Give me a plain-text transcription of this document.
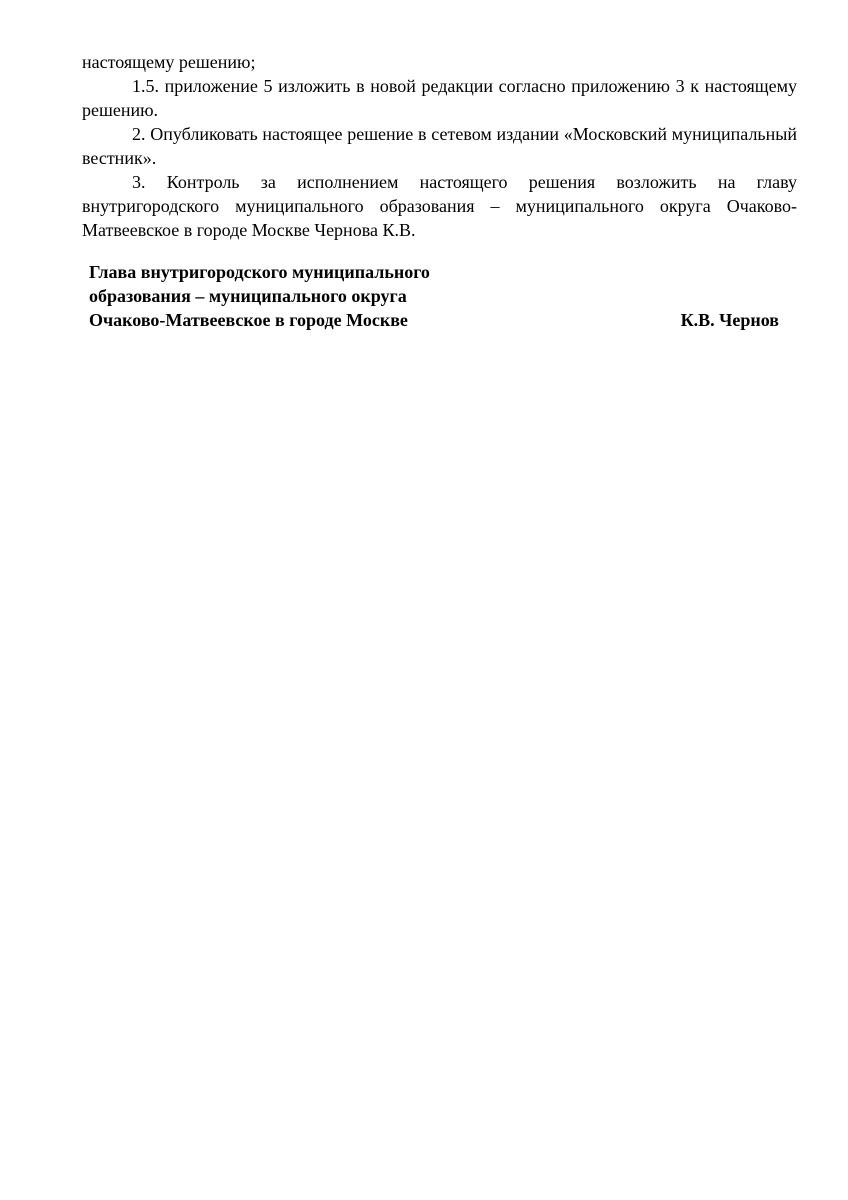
настоящему решению;

1.5. приложение 5 изложить в новой редакции согласно приложению 3 к настоящему решению.

2. Опубликовать настоящее решение в сетевом издании «Московский муниципальный вестник».

3. Контроль за исполнением настоящего решения возложить на главу внутригородского муниципального образования – муниципального округа Очаково-Матвеевское в городе Москве Чернова К.В.

Глава внутригородского муниципального

образования – муниципального округа

Очаково-Матвеевское в городе Москве	К.В. Чернов
